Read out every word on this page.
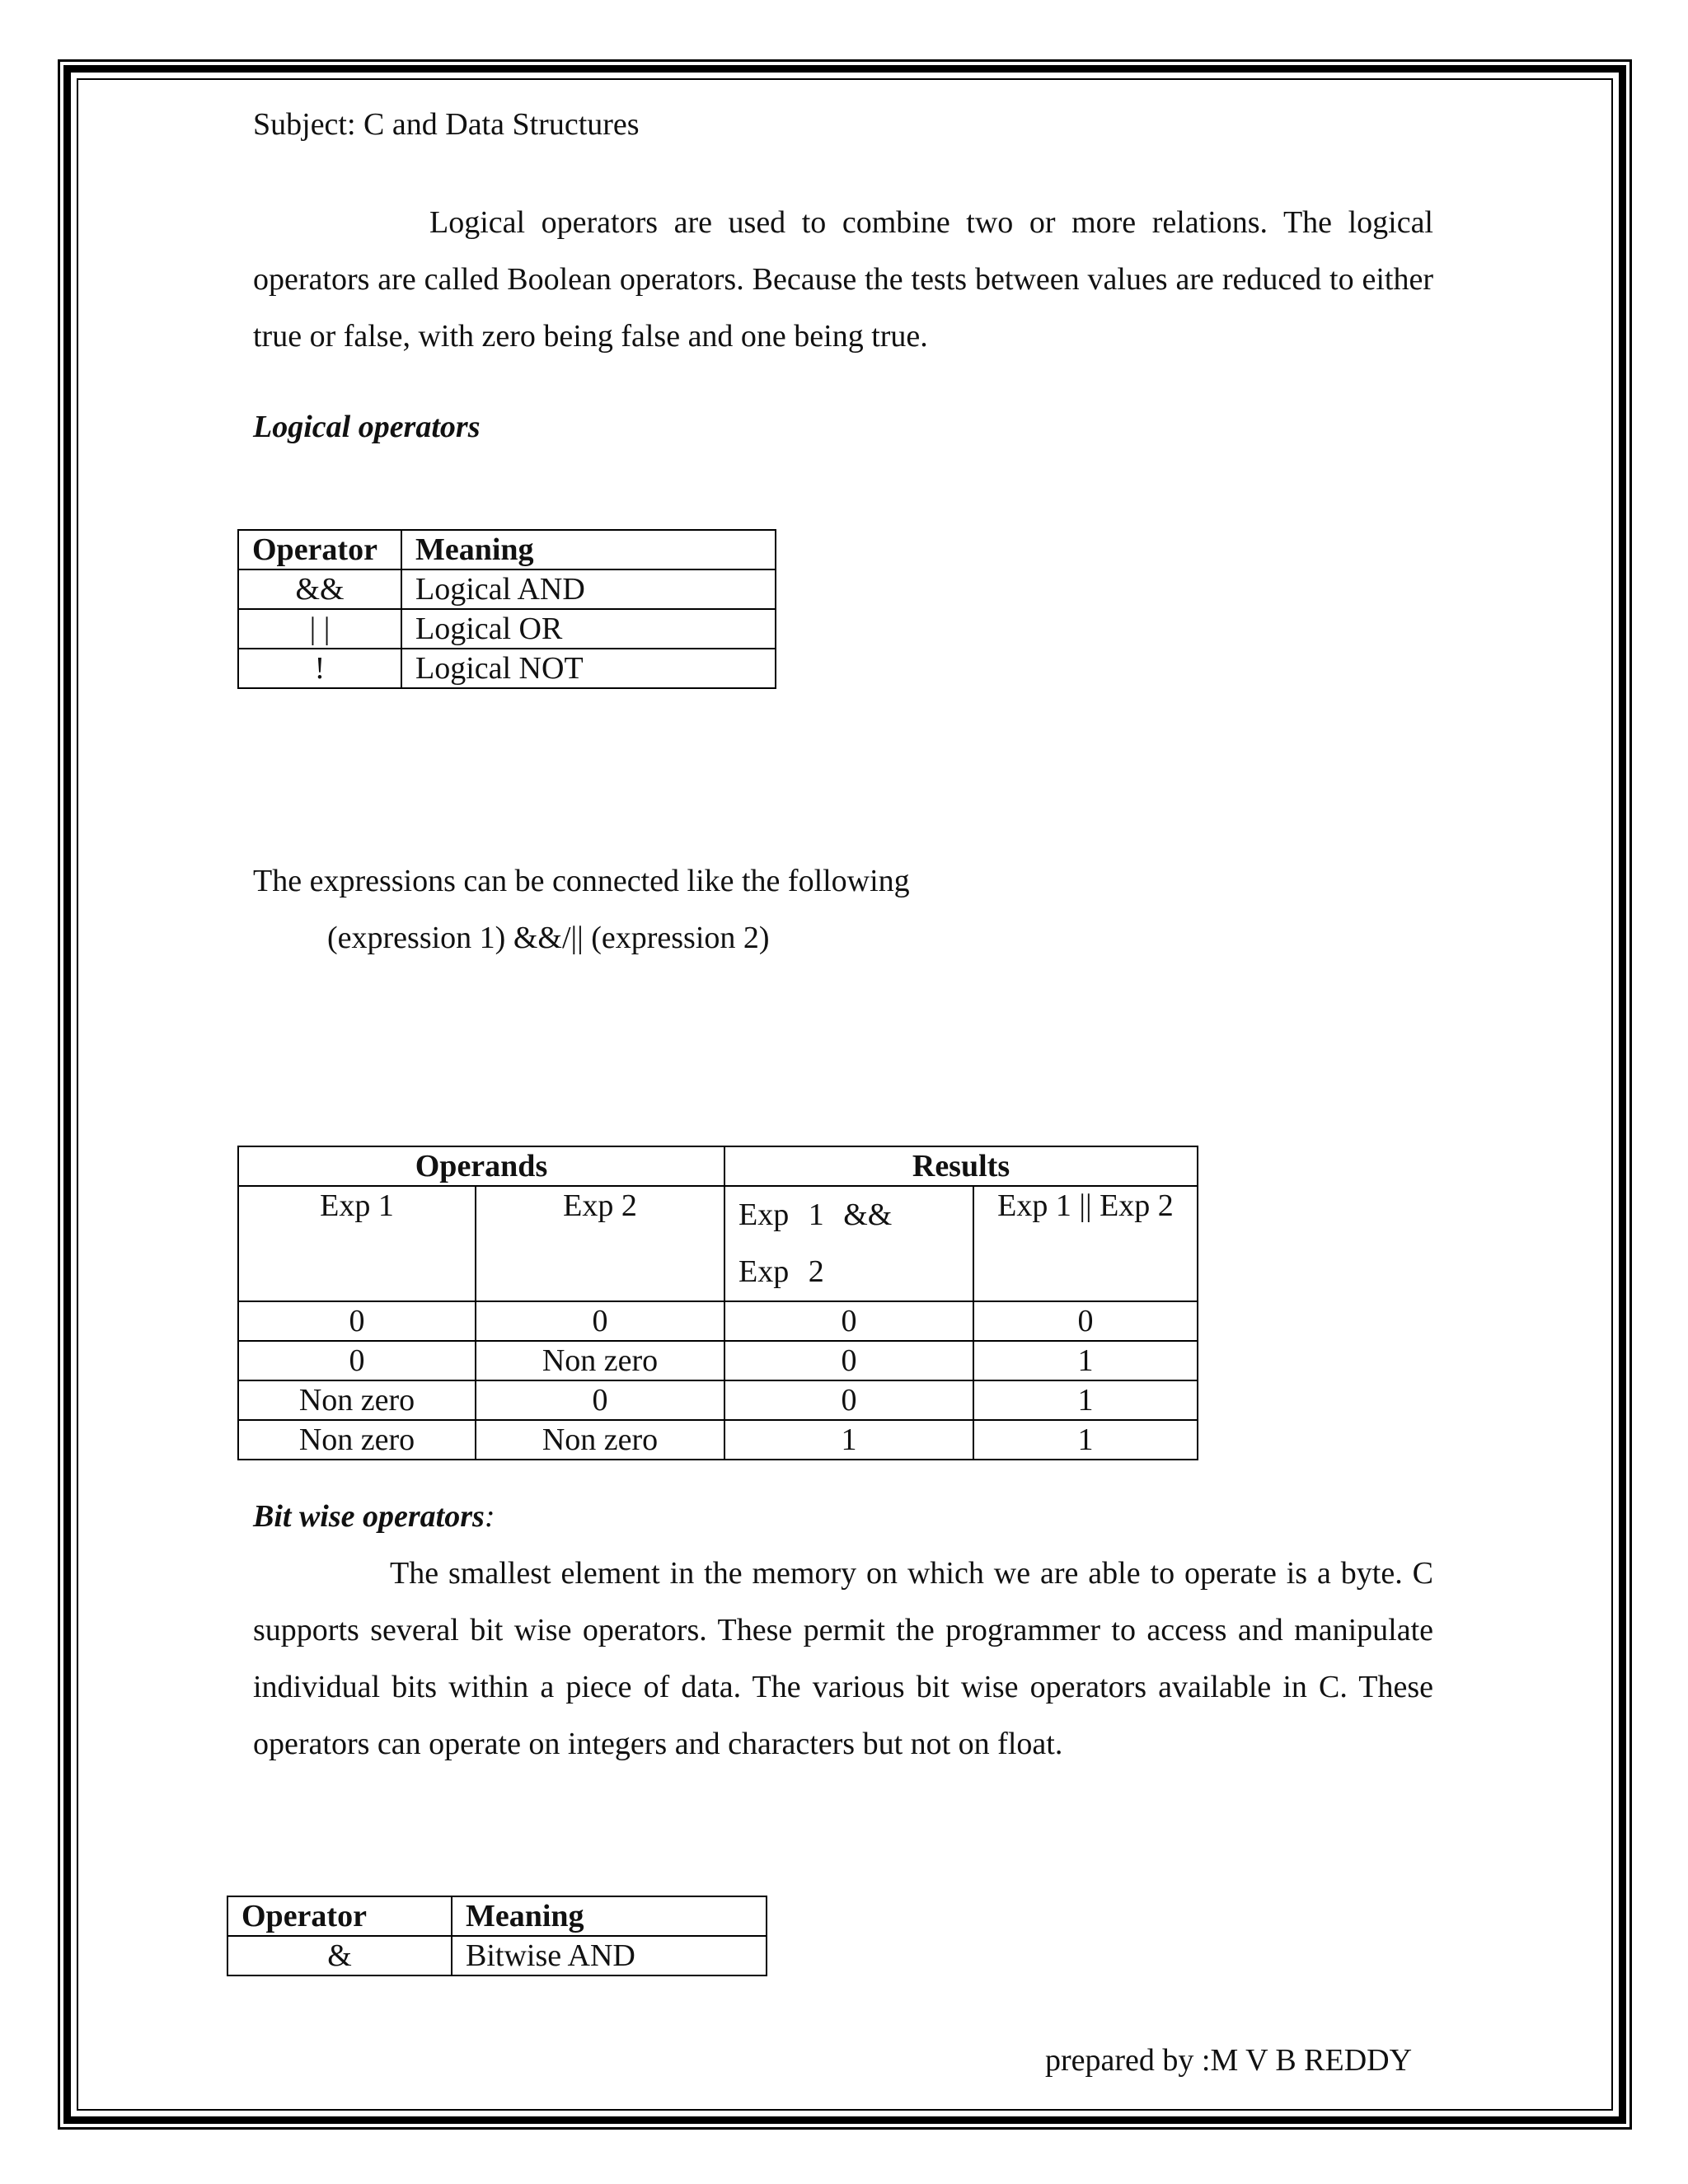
Subject: C and Data Structures
Logical operators are used to combine two or more relations. The logical operators are called Boolean operators. Because the tests between values are reduced to either true or false, with zero being false and one being true.
Logical operators
Operator	Meaning
&&	Logical AND
| |	Logical OR
!	Logical NOT
The expressions can be connected like the following
(expression 1) &&/|| (expression 2)
Operands		Results	
Exp 1	Exp 2	Exp 1 && Exp 2	Exp 1 || Exp 2
0	0	0	0
0	Non zero	0	1
Non zero	0	0	1
Non zero	Non zero	1	1
Bit wise operators:
The smallest element in the memory on which we are able to operate is a byte. C supports several bit wise operators. These permit the programmer to access and manipulate individual bits within a piece of data. The various bit wise operators available in C. These operators can operate on integers and characters but not on float.
Operator	Meaning
&	Bitwise AND
prepared by :M V B REDDY
